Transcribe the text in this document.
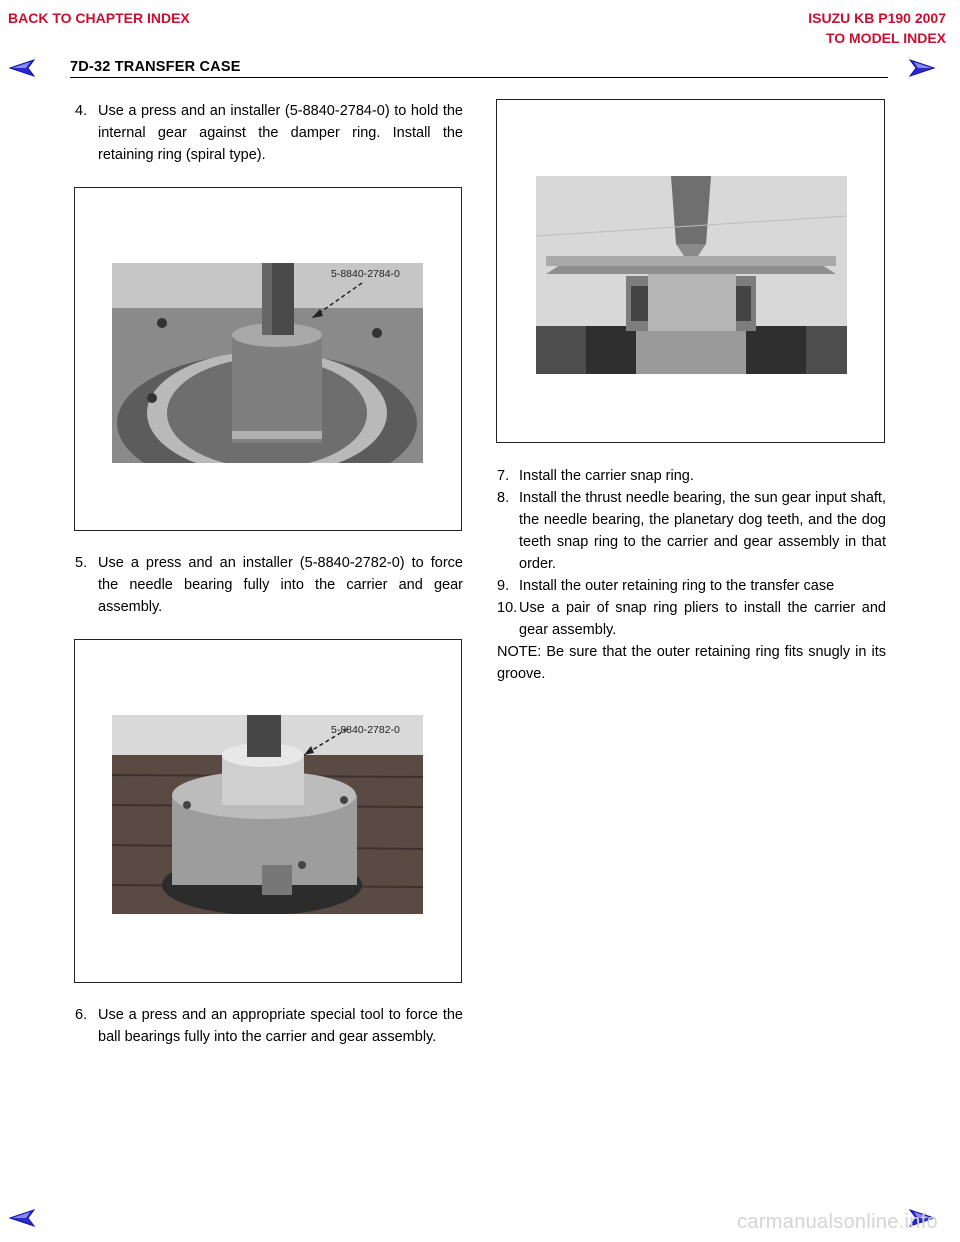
BACK TO CHAPTER INDEX	ISUZU KB P190 2007
TO MODEL INDEX
7D-32 TRANSFER CASE
4. Use a press and an installer (5-8840-2784-0) to hold the internal gear against the damper ring. Install the retaining ring (spiral type).
5-8840-2784-0
5. Use a press and an installer (5-8840-2782-0) to force the needle bearing fully into the carrier and gear assembly.
5-8840-2782-0
6. Use a press and an appropriate special tool to force the ball bearings fully into the carrier and gear assembly.
7. Install the carrier snap ring.
8. Install the thrust needle bearing, the sun gear input shaft, the needle bearing, the planetary dog teeth, and the dog teeth snap ring to the carrier and gear assembly in that order.
9. Install the outer retaining ring to the transfer case
10. Use a pair of snap ring pliers to install the carrier and gear assembly.
NOTE: Be sure that the outer retaining ring fits snugly in its groove.
carmanualsonline.info
